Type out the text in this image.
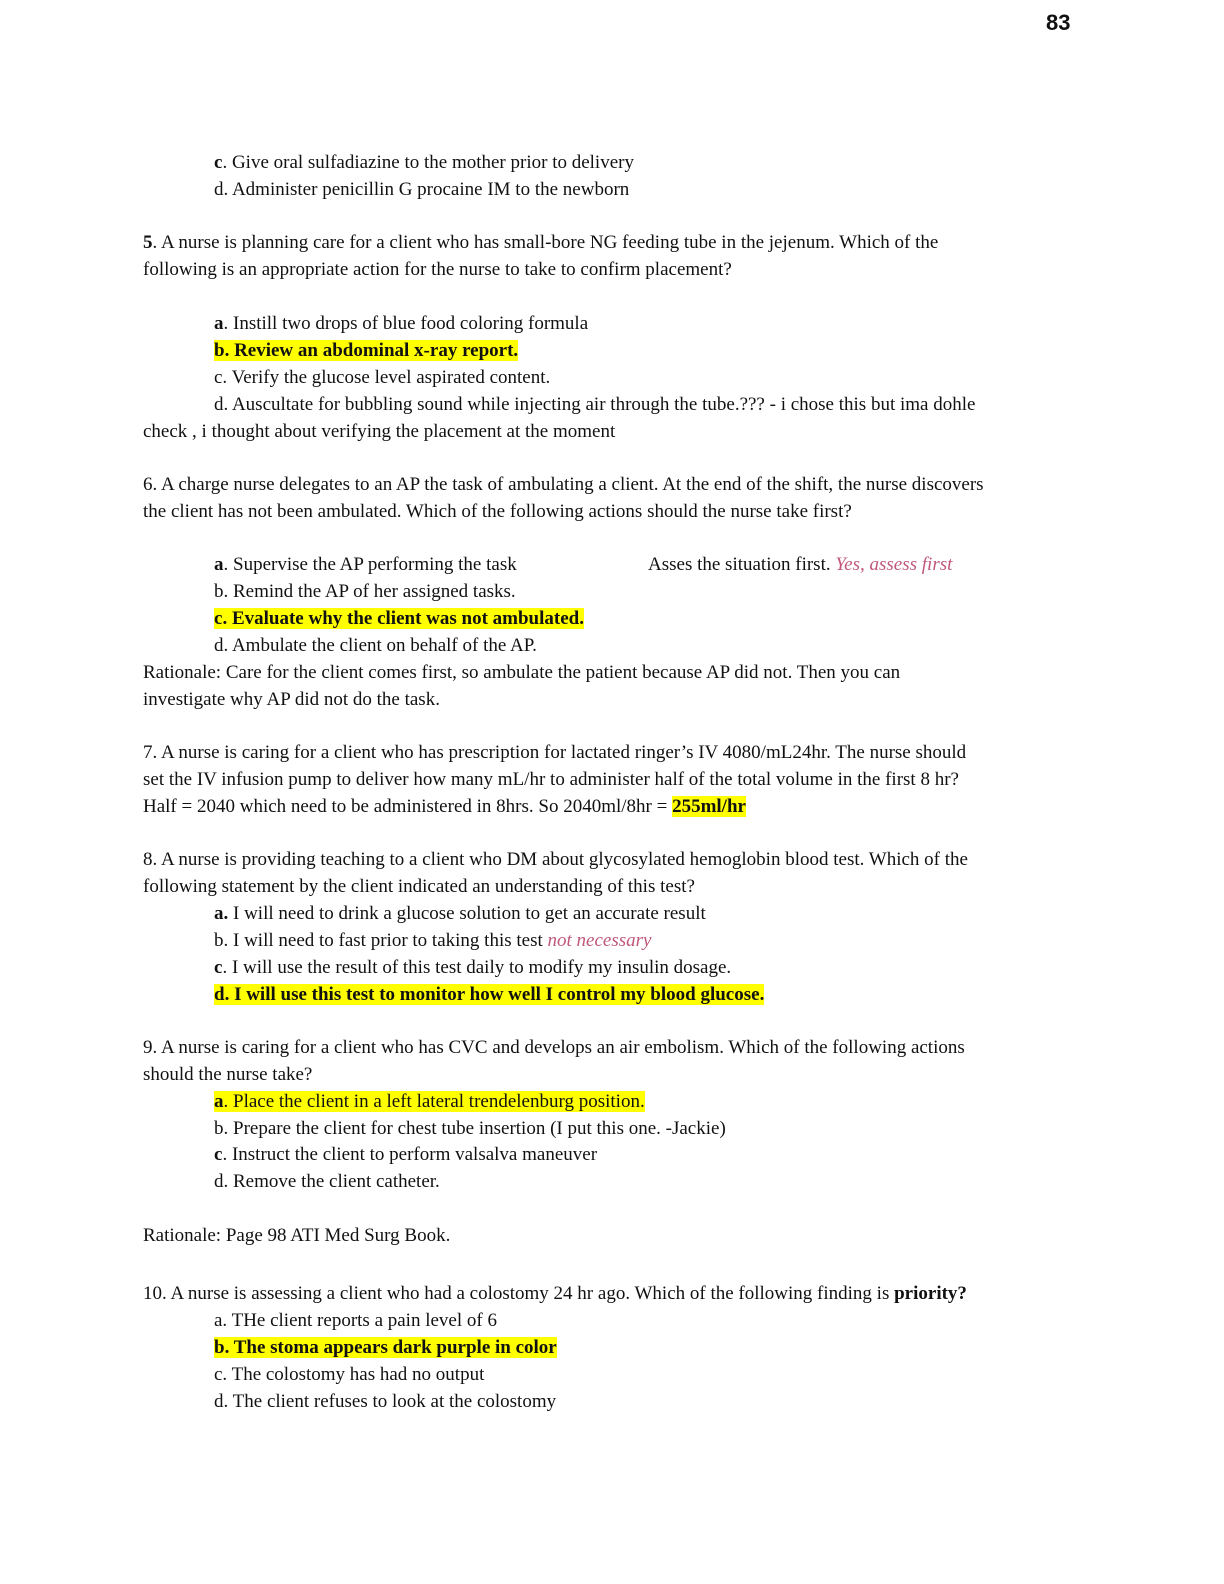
83
c. Give oral sulfadiazine to the mother prior to delivery
d. Administer penicillin G procaine IM to the newborn
5. A nurse is planning care for a client who has small-bore NG feeding tube in the jejenum. Which of the
following is an appropriate action for the nurse to take to confirm placement?
a. Instill two drops of blue food coloring formula
b. Review an abdominal x-ray report.
c. Verify the glucose level aspirated content.
d. Auscultate for bubbling sound while injecting air through the tube.??? - i chose this but ima dohle
check , i thought about verifying the placement at the moment
6. A charge nurse delegates to an AP the task of ambulating a client. At the end of the shift, the nurse discovers
the client has not been ambulated. Which of the following actions should the nurse take first?
a. Supervise the AP performing the task	Asses the situation first. Yes, assess first
b. Remind the AP of her assigned tasks.
c. Evaluate why the client was not ambulated.
d. Ambulate the client on behalf of the AP.
Rationale: Care for the client comes first, so ambulate the patient because AP did not. Then you can
investigate why AP did not do the task.
7. A nurse is caring for a client who has prescription for lactated ringer’s IV 4080/mL24hr. The nurse should
set the IV infusion pump to deliver how many mL/hr to administer half of the total volume in the first 8 hr?
Half = 2040 which need to be administered in 8hrs. So 2040ml/8hr = 255ml/hr
8. A nurse is providing teaching to a client who DM about glycosylated hemoglobin blood test. Which of the
following statement by the client indicated an understanding of this test?
a. I will need to drink a glucose solution to get an accurate result
b. I will need to fast prior to taking this test not necessary
c. I will use the result of this test daily to modify my insulin dosage.
d. I will use this test to monitor how well I control my blood glucose.
9. A nurse is caring for a client who has CVC and develops an air embolism. Which of the following actions
should the nurse take?
a. Place the client in a left lateral trendelenburg position.
b. Prepare the client for chest tube insertion (I put this one. -Jackie)
c. Instruct the client to perform valsalva maneuver
d. Remove the client catheter.
Rationale: Page 98 ATI Med Surg Book.
10. A nurse is assessing a client who had a colostomy 24 hr ago. Which of the following finding is priority?
a. THe client reports a pain level of 6
b. The stoma appears dark purple in color
c. The colostomy has had no output
d. The client refuses to look at the colostomy
